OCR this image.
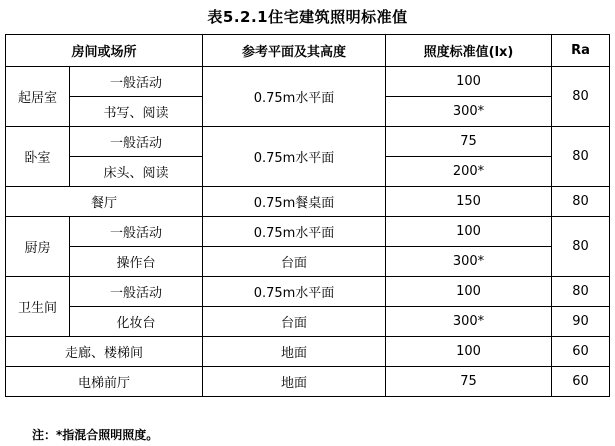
表5.2.1住宅建筑照明标准值
房间或场所		参考平面及其高度	照度标准值(lx)	Ra
起居室	一般活动	0.75m水平面	100	80
	书写、阅读		300*	
卧室	一般活动	0.75m水平面	75	80
	床头、阅读		200*	
餐厅		0.75m餐桌面	150	80
厨房	一般活动	0.75m水平面	100	80
	操作台	台面	300*	
卫生间	一般活动	0.75m水平面	100	80
	化妆台	台面	300*	90
走廊、楼梯间		地面	100	60
电梯前厅		地面	75	60
注：*指混合照明照度。
